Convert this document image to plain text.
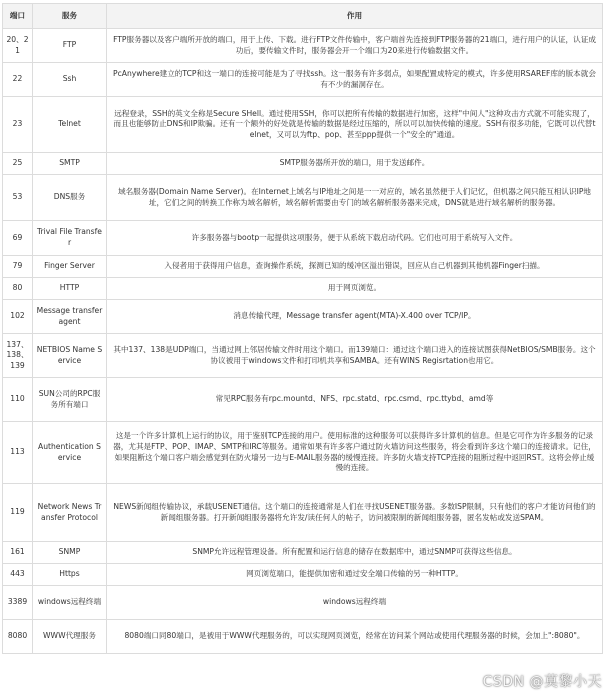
端口	服务	作用
20、21	FTP	FTP服务器以及客户端所开放的端口，用于上传、下载。进行FTP文件传输中，客户端首先连接到FTP服务器的21端口，进行用户的认证，认证成功后，要传输文件时，服务器会开一个端口为20来进行传输数据文件。
22	Ssh	PcAnywhere建立的TCP和这一端口的连接可能是为了寻找ssh。这一服务有许多弱点，如果配置成特定的模式，许多使用RSAREF库的版本就会有不少的漏洞存在。
23	Telnet	远程登录，SSH的英文全称是Secure SHell。通过使用SSH，你可以把所有传输的数据进行加密，这样"中间人"这种攻击方式就不可能实现了，而且也能够防止DNS和IP欺骗。还有一个额外的好处就是传输的数据是经过压缩的，所以可以加快传输的速度。SSH有很多功能，它既可以代替telnet，又可以为ftp、pop、甚至ppp提供一个"安全的"通道。
25	SMTP	SMTP服务器所开放的端口，用于发送邮件。
53	DNS服务	域名服务器(Domain Name Server)。在Internet上域名与IP地址之间是一一对应的，域名虽然便于人们记忆，但机器之间只能互相认识IP地址，它们之间的转换工作称为域名解析，域名解析需要由专门的域名解析服务器来完成，DNS就是进行域名解析的服务器。
69	Trival File Transfer	许多服务器与bootp一起提供这项服务，便于从系统下载启动代码。它们也可用于系统写入文件。
79	Finger Server	入侵者用于获得用户信息，查询操作系统，探测已知的缓冲区溢出错误，回应从自己机器到其他机器Finger扫描。
80	HTTP	用于网页浏览。
102	Message transfer agent	消息传输代理，Message transfer agent(MTA)-X.400 over TCP/IP。
137、138、139	NETBIOS Name Service	其中137、138是UDP端口，当通过网上邻居传输文件时用这个端口。而139端口：通过这个端口进入的连接试图获得NetBIOS/SMB服务。这个协议被用于windows文件和打印机共享和SAMBA。还有WINS Regisrtation也用它。
110	SUN公司的RPC服务所有端口	常见RPC服务有rpc.mountd、NFS、rpc.statd、rpc.csmd、rpc.ttybd、amd等
113	Authentication Service	这是一个许多计算机上运行的协议，用于鉴别TCP连接的用户。使用标准的这种服务可以获得许多计算机的信息。但是它可作为许多服务的记录器，尤其是FTP、POP、IMAP、SMTP和IRC等服务。通常如果有许多客户通过防火墙访问这些服务，将会看到许多这个端口的连接请求。记住，如果阻断这个端口客户端会感觉到在防火墙另一边与E-MAIL服务器的缓慢连接。许多防火墙支持TCP连接的阻断过程中返回RST。这将会停止缓慢的连接。
119	Network News Transfer Protocol	NEWS新闻组传输协议，承载USENET通信。这个端口的连接通常是人们在寻找USENET服务器。多数ISP限制，只有他们的客户才能访问他们的新闻组服务器。打开新闻组服务器将允许发/读任何人的帖子，访问被限制的新闻组服务器，匿名发帖或发送SPAM。
161	SNMP	SNMP允许远程管理设备。所有配置和运行信息的储存在数据库中，通过SNMP可获得这些信息。
443	Https	网页浏览端口，能提供加密和通过安全端口传输的另一种HTTP。
3389	windows远程终端	windows远程终端
8080	WWW代理服务	8080端口同80端口，是被用于WWW代理服务的，可以实现网页浏览，经常在访问某个网站或使用代理服务器的时候，会加上":8080"。
CSDN @莫黎小天
